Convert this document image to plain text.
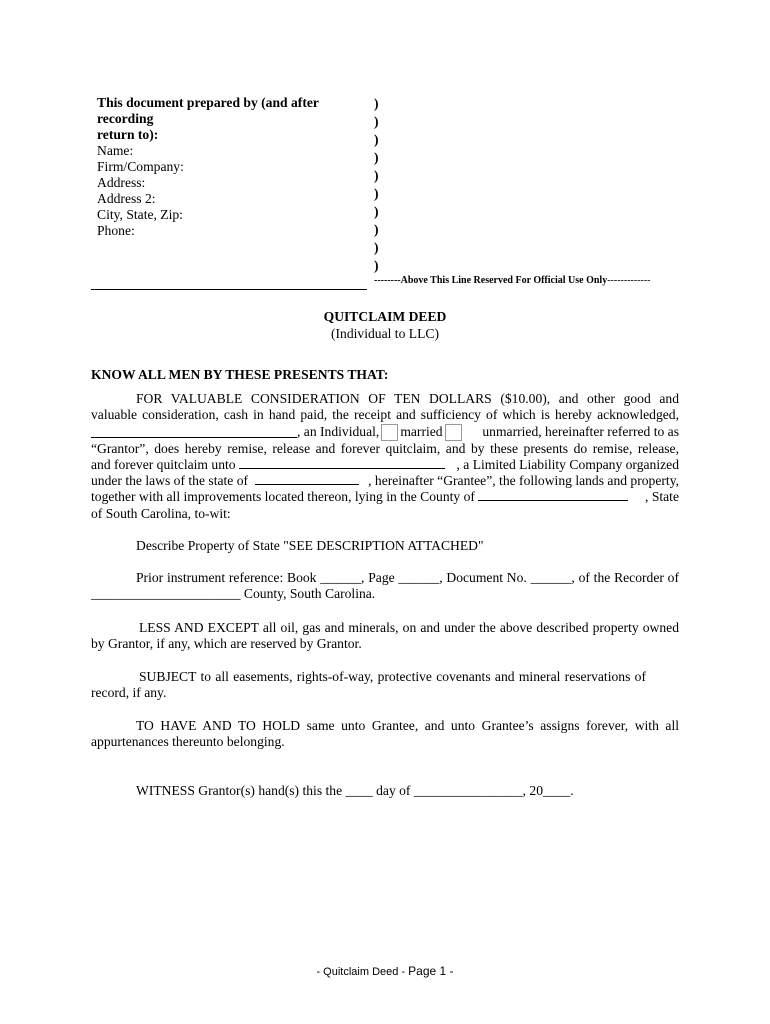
This document prepared by (and after recording
return to):
Name:
Firm/Company:
Address:
Address 2:
City, State, Zip:
Phone:
)
)
)
)
)
)
)
)
)
)
--------Above This Line Reserved For Official Use Only-------------
QUITCLAIM DEED
(Individual to LLC)
KNOW ALL MEN BY THESE PRESENTS THAT:
FOR VALUABLE CONSIDERATION OF TEN DOLLARS ($10.00), and other good and
valuable consideration, cash in hand paid, the receipt and sufficiency of which is hereby acknowledged,
, an Individual, married	unmarried, hereinafter referred to as
“Grantor”, does hereby remise, release and forever quitclaim, and by these presents do remise, release,
and forever quitclaim unto	, a Limited Liability Company organized
under the laws of the state of	, hereinafter “Grantee”, the following lands and property,
together with all improvements located thereon, lying in the County of	, State
of South Carolina, to-wit:
Describe Property of State "SEE DESCRIPTION ATTACHED"
Prior instrument reference: Book ______, Page ______, Document No. ______, of the Recorder of
______________________ County, South Carolina.
LESS AND EXCEPT all oil, gas and minerals, on and under the above described property owned
by Grantor, if any, which are reserved by Grantor.
SUBJECT to all easements, rights-of-way, protective covenants and mineral reservations of
record, if any.
TO HAVE AND TO HOLD same unto Grantee, and unto Grantee’s assigns forever, with all
appurtenances thereunto belonging.
WITNESS Grantor(s) hand(s) this the ____ day of ________________, 20____.
- Quitclaim Deed - Page 1 -
